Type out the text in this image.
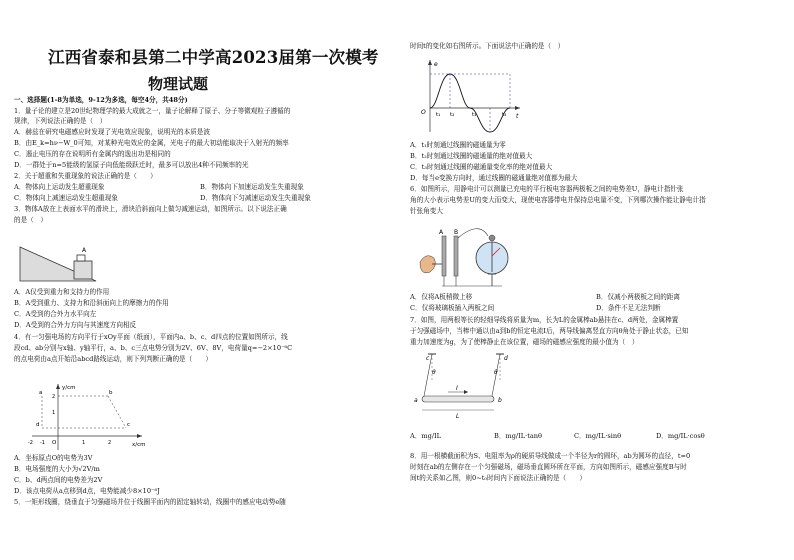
江西省泰和县第二中学高2023届第一次模考
物理试题
一、选择题(1-8为单选，9-12为多选，每空4分，共48分)
1．量子论的建立是20世纪物理学的最大成就之一，量子论解释了原子、分子等微观粒子遵循的
规律，下列说法正确的是（　）
A．赫兹在研究电磁感应时发现了光电效应现象，说明光的本质是波
B．由E_k=hν−W_0可知，对某种光电效应的金属，光电子的最大初动能取决于入射光的频率
C．遏止电压的存在说明所有金属内的逸出功是相同的
D．一群处于n=5能级的氢原子向低能级跃迁时，最多可以放出4种不同频率的光
2．关于超重和失重现象的说法正确的是（　　）
A．物体向上运动发生超重现象	B．物体向下加速运动发生失重现象
C．物体向上减速运动发生超重现象	D．物体向下匀减速运动发生失重现象
3．物体A放在上表面水平的滑块上，滑块沿斜面向上做匀减速运动，如图所示。以下说法正确
的是（　）
A
A．A仅受到重力和支持力的作用
B．A受到重力、支持力和沿斜面向上的摩擦力的作用
C．A受到的合外力水平向左
D．A受到的合外力方向与其速度方向相反
4．有一匀强电场的方向平行于xOy平面（纸面），平面内a、b、c、d四点的位置如图所示，线
段cd、ab分别与x轴、y轴平行，a、b、c三点电势分别为2V、6V、8V，电荷量q=−2×10⁻⁶C
的点电荷由a点开始沿abcd路线运动，则下列判断正确的是（　　）
y/cm
x/cm
a	b
c
d
O
2
1
-2 -1	1	2
A．坐标原点O的电势为3V
B．电场强度的大小为√2V/m
C．b、d两点间的电势差为2V
D．该点电荷从a点移到d点，电势能减少8×10⁻⁶J
5．一矩形线圈，绕垂直于匀强磁场并位于线圈平面内的固定轴转动，线圈中的感应电动势e随
时间t的变化如右图所示。下面说法中正确的是（　）
e
t
O t₁ t₂	t₃	t₄
A．t₁时刻通过线圈的磁通量为零
B．t₂时刻通过线圈的磁通量的绝对值最大
C．t₃时刻通过线圈的磁通量变化率的绝对值最大
D．每当e变换方向时，通过线圈的磁通量绝对值都为最大
6．如图所示，用静电计可以测量已充电的平行板电容器两极板之间的电势差U，静电计指针张
角的大小表示电势差U的变大而变大，现使电容器带电并保持总电量不变，下列哪次操作能让静电计指
针张角变大
A B
A．仅将A板稍微上移	B．仅减小两极板之间的距离
C．仅将玻璃板插入两板之间	D．条件不足无法判断
7．如图，用两根等长的轻细导线将质量为m，长为L的金属棒ab悬挂在c、d两处，金属棒置
于匀强磁场中，当棒中通以由a到b的恒定电流I后，两导线偏离竖直方向θ角处于静止状态，已知
重力加速度为g，为了使棒静止在该位置，磁场的磁感应强度的最小值为（　）
c	d
a	b
θ	θ
I
L
A．mg/IL	B．mg/IL·tanθ	C．mg/IL·sinθ	D．mg/IL·cosθ
8．用一根横截面积为S、电阻率为ρ的硬质导线做成一个半径为r的圆环，ab为圆环的直径，t=0
时刻在ab的左侧存在一个匀强磁场，磁场垂直圆环所在平面，方向如图所示，磁感应强度B与时
间t的关系如乙图，则0~t₀时间内下面说法正确的是（　　）
